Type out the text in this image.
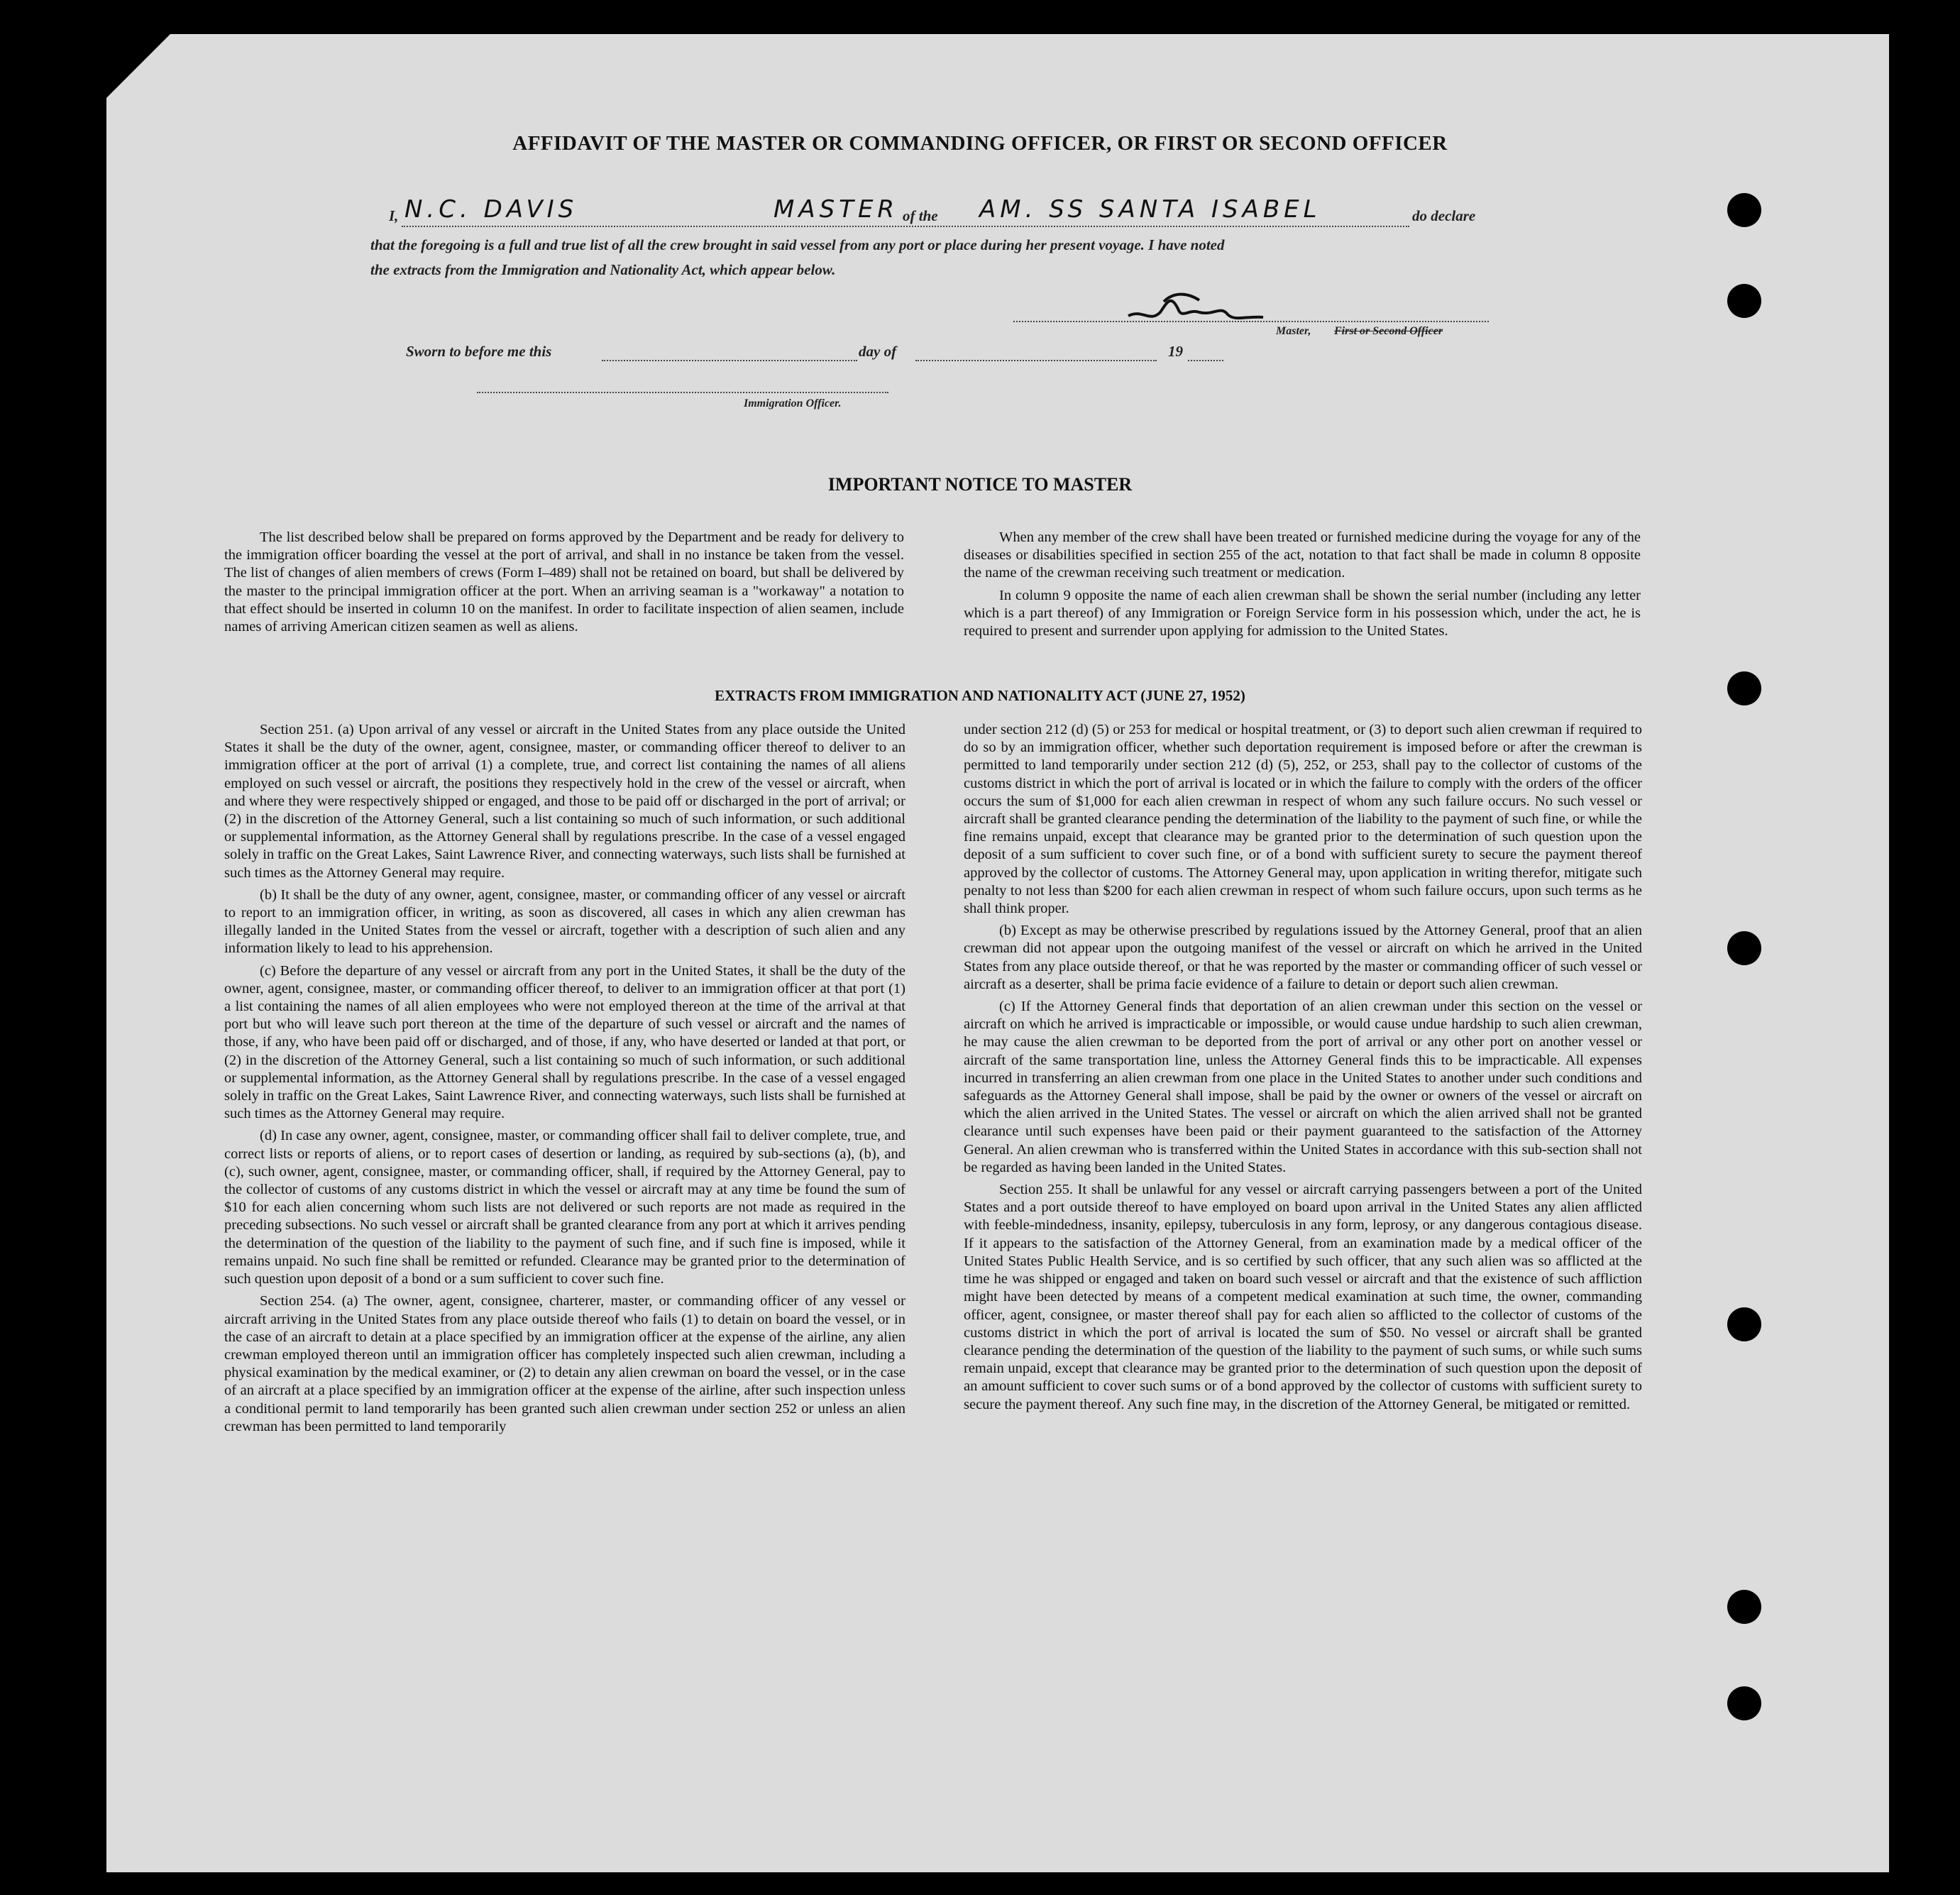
AFFIDAVIT OF THE MASTER OR COMMANDING OFFICER, OR FIRST OR SECOND OFFICER
I, N.C. DAVIS	MASTER of the AM. SS SANTA ISABEL	do declare
that the foregoing is a full and true list of all the crew brought in said vessel from any port or place during her present voyage. I have noted
the extracts from the Immigration and Nationality Act, which appear below.
Master, First or Second Officer
Sworn to before me this	day of	19
Immigration Officer.
IMPORTANT NOTICE TO MASTER

The list described below shall be prepared on forms approved by the Department and be ready for delivery to the immigration officer boarding the vessel at the port of arrival, and shall in no instance be taken from the vessel. The list of changes of alien members of crews (Form I–489) shall not be retained on board, but shall be delivered by the master to the principal immigration officer at the port. When an arriving seaman is a "workaway" a notation to that effect should be inserted in column 10 on the manifest. In order to facilitate inspection of alien seamen, include names of arriving American citizen seamen as well as aliens.

When any member of the crew shall have been treated or furnished medicine during the voyage for any of the diseases or disabilities specified in section 255 of the act, notation to that fact shall be made in column 8 opposite the name of the crewman receiving such treatment or medication.

In column 9 opposite the name of each alien crewman shall be shown the serial number (including any letter which is a part thereof) of any Immigration or Foreign Service form in his possession which, under the act, he is required to present and surrender upon applying for admission to the United States.

EXTRACTS FROM IMMIGRATION AND NATIONALITY ACT (JUNE 27, 1952)

Section 251. (a) Upon arrival of any vessel or aircraft in the United States from any place outside the United States it shall be the duty of the owner, agent, consignee, master, or commanding officer thereof to deliver to an immigration officer at the port of arrival (1) a complete, true, and correct list containing the names of all aliens employed on such vessel or aircraft, the positions they respectively hold in the crew of the vessel or aircraft, when and where they were respectively shipped or engaged, and those to be paid off or discharged in the port of arrival; or (2) in the discretion of the Attorney General, such a list containing so much of such information, or such additional or supplemental information, as the Attorney General shall by regulations prescribe. In the case of a vessel engaged solely in traffic on the Great Lakes, Saint Lawrence River, and connecting waterways, such lists shall be furnished at such times as the Attorney General may require.

(b) It shall be the duty of any owner, agent, consignee, master, or commanding officer of any vessel or aircraft to report to an immigration officer, in writing, as soon as discovered, all cases in which any alien crewman has illegally landed in the United States from the vessel or aircraft, together with a description of such alien and any information likely to lead to his apprehension.

(c) Before the departure of any vessel or aircraft from any port in the United States, it shall be the duty of the owner, agent, consignee, master, or commanding officer thereof, to deliver to an immigration officer at that port (1) a list containing the names of all alien employees who were not employed thereon at the time of the arrival at that port but who will leave such port thereon at the time of the departure of such vessel or aircraft and the names of those, if any, who have been paid off or discharged, and of those, if any, who have deserted or landed at that port, or (2) in the discretion of the Attorney General, such a list containing so much of such information, or such additional or supplemental information, as the Attorney General shall by regulations prescribe. In the case of a vessel engaged solely in traffic on the Great Lakes, Saint Lawrence River, and connecting waterways, such lists shall be furnished at such times as the Attorney General may require.

(d) In case any owner, agent, consignee, master, or commanding officer shall fail to deliver complete, true, and correct lists or reports of aliens, or to report cases of desertion or landing, as required by sub-sections (a), (b), and (c), such owner, agent, consignee, master, or commanding officer, shall, if required by the Attorney General, pay to the collector of customs of any customs district in which the vessel or aircraft may at any time be found the sum of $10 for each alien concerning whom such lists are not delivered or such reports are not made as required in the preceding subsections. No such vessel or aircraft shall be granted clearance from any port at which it arrives pending the determination of the question of the liability to the payment of such fine, and if such fine is imposed, while it remains unpaid. No such fine shall be remitted or refunded. Clearance may be granted prior to the determination of such question upon deposit of a bond or a sum sufficient to cover such fine.

Section 254. (a) The owner, agent, consignee, charterer, master, or commanding officer of any vessel or aircraft arriving in the United States from any place outside thereof who fails (1) to detain on board the vessel, or in the case of an aircraft to detain at a place specified by an immigration officer at the expense of the airline, any alien crewman employed thereon until an immigration officer has completely inspected such alien crewman, including a physical examination by the medical examiner, or (2) to detain any alien crewman on board the vessel, or in the case of an aircraft at a place specified by an immigration officer at the expense of the airline, after such inspection unless a conditional permit to land temporarily has been granted such alien crewman under section 252 or unless an alien crewman has been permitted to land temporarily

under section 212 (d) (5) or 253 for medical or hospital treatment, or (3) to deport such alien crewman if required to do so by an immigration officer, whether such deportation requirement is imposed before or after the crewman is permitted to land temporarily under section 212 (d) (5), 252, or 253, shall pay to the collector of customs of the customs district in which the port of arrival is located or in which the failure to comply with the orders of the officer occurs the sum of $1,000 for each alien crewman in respect of whom any such failure occurs. No such vessel or aircraft shall be granted clearance pending the determination of the liability to the payment of such fine, or while the fine remains unpaid, except that clearance may be granted prior to the determination of such question upon the deposit of a sum sufficient to cover such fine, or of a bond with sufficient surety to secure the payment thereof approved by the collector of customs. The Attorney General may, upon application in writing therefor, mitigate such penalty to not less than $200 for each alien crewman in respect of whom such failure occurs, upon such terms as he shall think proper.

(b) Except as may be otherwise prescribed by regulations issued by the Attorney General, proof that an alien crewman did not appear upon the outgoing manifest of the vessel or aircraft on which he arrived in the United States from any place outside thereof, or that he was reported by the master or commanding officer of such vessel or aircraft as a deserter, shall be prima facie evidence of a failure to detain or deport such alien crewman.

(c) If the Attorney General finds that deportation of an alien crewman under this section on the vessel or aircraft on which he arrived is impracticable or impossible, or would cause undue hardship to such alien crewman, he may cause the alien crewman to be deported from the port of arrival or any other port on another vessel or aircraft of the same transportation line, unless the Attorney General finds this to be impracticable. All expenses incurred in transferring an alien crewman from one place in the United States to another under such conditions and safeguards as the Attorney General shall impose, shall be paid by the owner or owners of the vessel or aircraft on which the alien arrived in the United States. The vessel or aircraft on which the alien arrived shall not be granted clearance until such expenses have been paid or their payment guaranteed to the satisfaction of the Attorney General. An alien crewman who is transferred within the United States in accordance with this sub-section shall not be regarded as having been landed in the United States.

Section 255. It shall be unlawful for any vessel or aircraft carrying passengers between a port of the United States and a port outside thereof to have employed on board upon arrival in the United States any alien afflicted with feeble-mindedness, insanity, epilepsy, tuberculosis in any form, leprosy, or any dangerous contagious disease. If it appears to the satisfaction of the Attorney General, from an examination made by a medical officer of the United States Public Health Service, and is so certified by such officer, that any such alien was so afflicted at the time he was shipped or engaged and taken on board such vessel or aircraft and that the existence of such affliction might have been detected by means of a competent medical examination at such time, the owner, commanding officer, agent, consignee, or master thereof shall pay for each alien so afflicted to the collector of customs of the customs district in which the port of arrival is located the sum of $50. No vessel or aircraft shall be granted clearance pending the determination of the question of the liability to the payment of such sums, or while such sums remain unpaid, except that clearance may be granted prior to the determination of such question upon the deposit of an amount sufficient to cover such sums or of a bond approved by the collector of customs with sufficient surety to secure the payment thereof. Any such fine may, in the discretion of the Attorney General, be mitigated or remitted.
